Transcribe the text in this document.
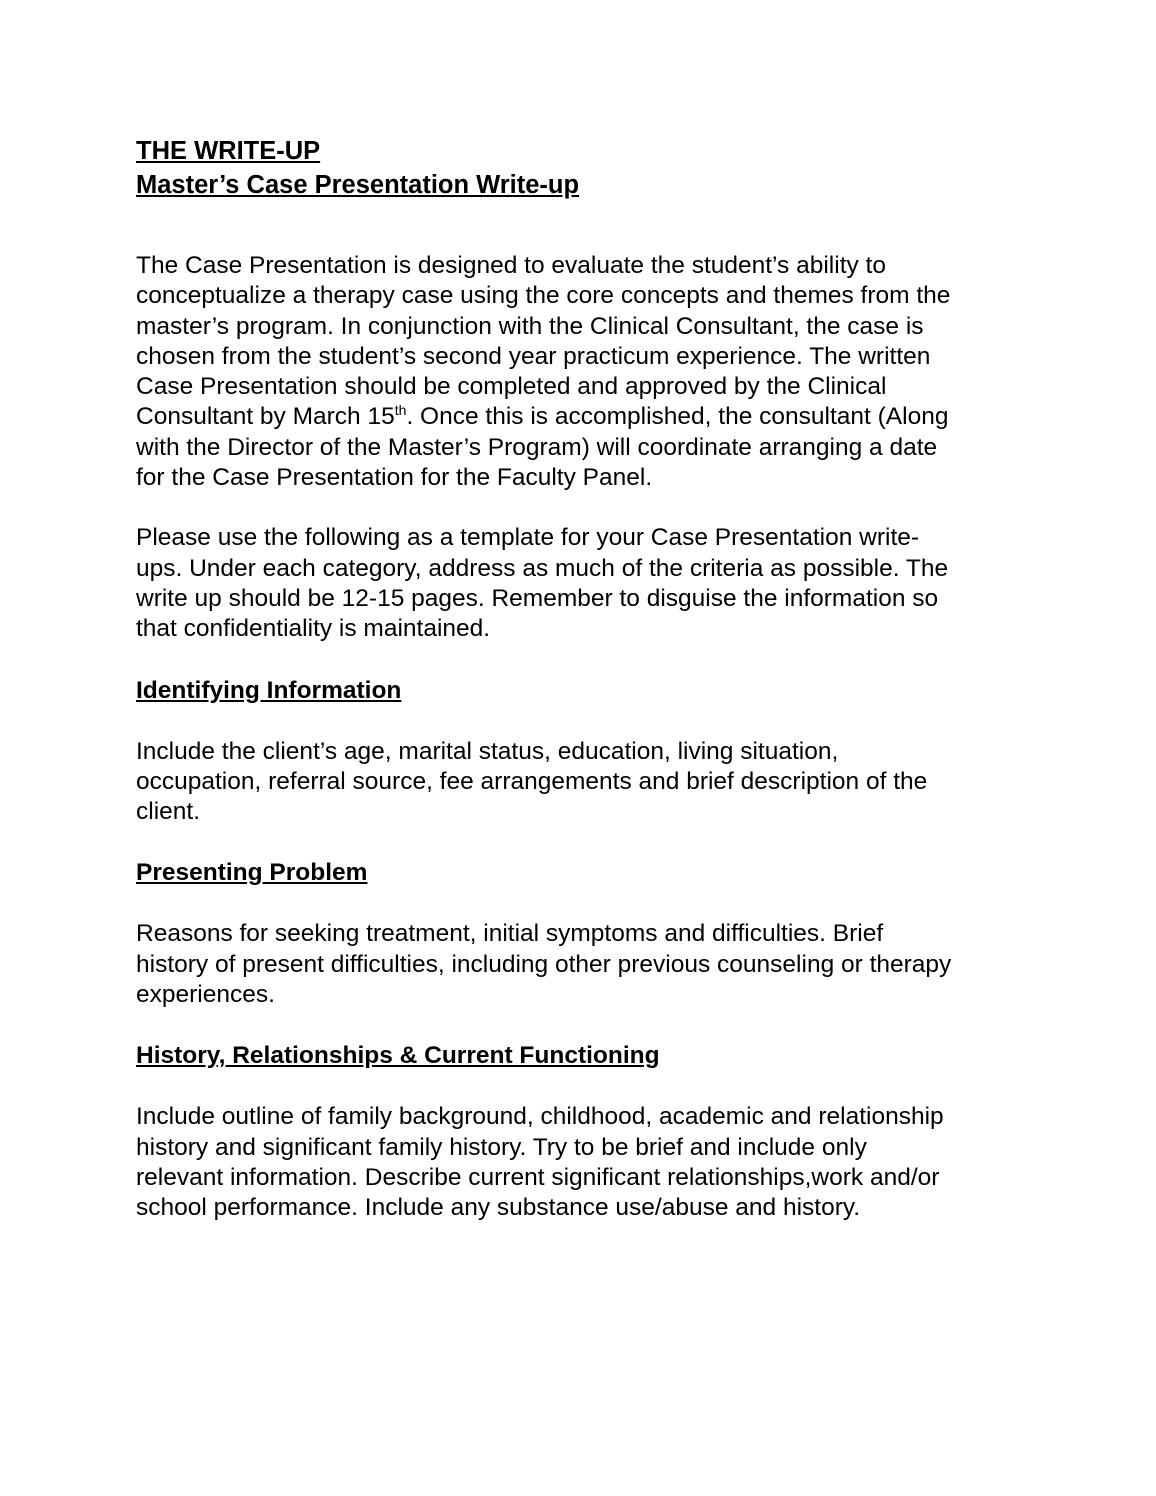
THE WRITE-UP
Master’s Case Presentation Write-up

The Case Presentation is designed to evaluate the student’s ability to
conceptualize a therapy case using the core concepts and themes from the
master’s program. In conjunction with the Clinical Consultant, the case is
chosen from the student’s second year practicum experience. The written
Case Presentation should be completed and approved by the Clinical
Consultant by March 15th. Once this is accomplished, the consultant (Along
with the Director of the Master’s Program) will coordinate arranging a date
for the Case Presentation for the Faculty Panel.

Please use the following as a template for your Case Presentation write-
ups. Under each category, address as much of the criteria as possible. The
write up should be 12-15 pages. Remember to disguise the information so
that confidentiality is maintained.

Identifying Information

Include the client’s age, marital status, education, living situation,
occupation, referral source, fee arrangements and brief description of the
client.

Presenting Problem

Reasons for seeking treatment, initial symptoms and difficulties. Brief
history of present difficulties, including other previous counseling or therapy
experiences.

History, Relationships & Current Functioning

Include outline of family background, childhood, academic and relationship
history and significant family history. Try to be brief and include only
relevant information. Describe current significant relationships,work and/or
school performance. Include any substance use/abuse and history.
